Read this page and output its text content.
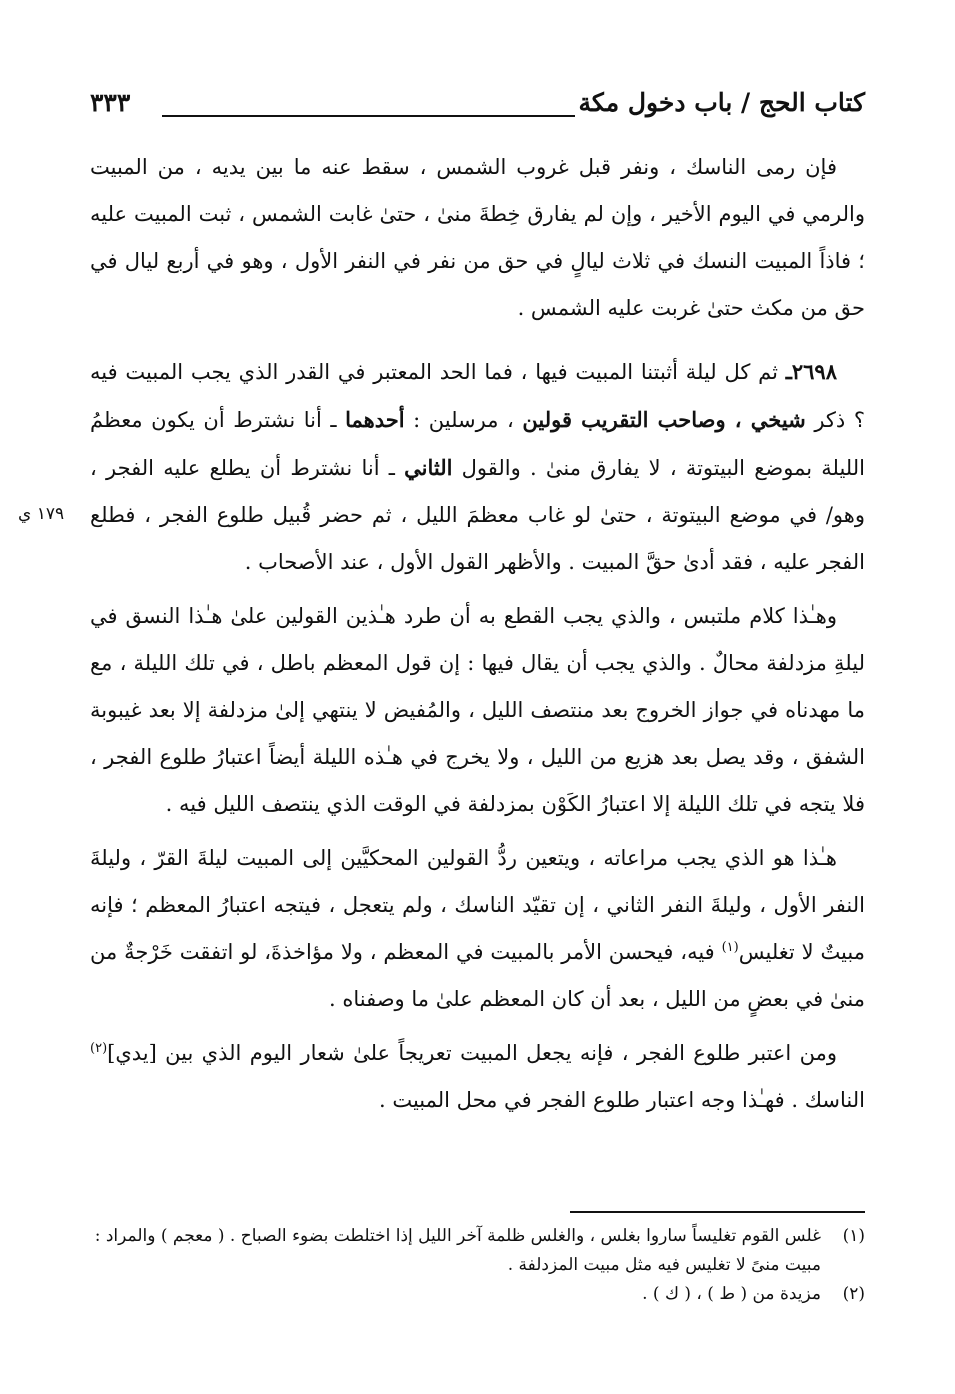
كتاب الحج / باب دخول مكة
٣٣٣
١٧٩ ي

فإن رمى الناسك ، ونفر قبل غروب الشمس ، سقط عنه ما بين يديه ، من المبيت والرمي في اليوم الأخير ، وإن لم يفارق خِطةَ منىٰ ، حتىٰ غابت الشمس ، ثبت المبيت عليه ؛ فاذاً المبيت النسك في ثلاث ليالٍ في حق من نفر في النفر الأول ، وهو في أربع ليال في حق من مكث حتىٰ غربت عليه الشمس .

٢٦٩٨ـ ثم كل ليلة أثبتنا المبيت فيها ، فما الحد المعتبر في القدر الذي يجب المبيت فيه ؟ ذكر شيخي ، وصاحب التقريب قولين ، مرسلين : أحدهما ـ أنا نشترط أن يكون معظمُ الليلة بموضع البيتوتة ، لا يفارق منىٰ . والقول الثاني ـ أنا نشترط أن يطلع عليه الفجر ، وهو/ في موضع البيتوتة ، حتىٰ لو غاب معظمَ الليل ، ثم حضر قُبيل طلوع الفجر ، فطلع الفجر عليه ، فقد أدىٰ حقَّ المبيت . والأظهر القول الأول ، عند الأصحاب .

وهـٰذا كلام ملتبس ، والذي يجب القطع به أن طرد هـٰذين القولين علىٰ هـٰذا النسق في ليلةِ مزدلفة محالٌ . والذي يجب أن يقال فيها : إن قول المعظم باطل ، في تلك الليلة ، مع ما مهدناه في جواز الخروج بعد منتصف الليل ، والمُفيض لا ينتهي إلىٰ مزدلفة إلا بعد غيبوبة الشفق ، وقد يصل بعد هزيع من الليل ، ولا يخرج في هـٰذه الليلة أيضاً اعتبارُ طلوع الفجر ، فلا يتجه في تلك الليلة إلا اعتبارُ الكَوْن بمزدلفة في الوقت الذي ينتصف الليل فيه .

هـٰذا هو الذي يجب مراعاته ، ويتعين ردُّ القولين المحكيَّين إلى المبيت ليلةَ القرّ ، وليلةَ النفر الأول ، وليلةَ النفر الثاني ، إن تقيّد الناسك ، ولم يتعجل ، فيتجه اعتبارُ المعظم ؛ فإنه مبيتٌ لا تغليس$^{(١)}$ فيه، فيحسن الأمر بالمبيت في المعظم ، ولا مؤاخذةَ، لو اتفقت خَرْجةٌ من منىٰ في بعضٍ من الليل ، بعد أن كان المعظم علىٰ ما وصفناه .

ومن اعتبر طلوع الفجر ، فإنه يجعل المبيت تعريجاً علىٰ شعار اليوم الذي بين [يدي]$^{(٢)}$ الناسك . فهـٰذا وجه اعتبار طلوع الفجر في محل المبيت .

(١)
غلس القوم تغليساً ساروا بغلس ، والغلس ظلمة آخر الليل إذا اختلطت بضوء الصباح . ( معجم ) والمراد : مبيت منىً لا تغليس فيه مثل مبيت المزدلفة .

(٢)
مزيدة من ( ط ) ، ( ك ) .
